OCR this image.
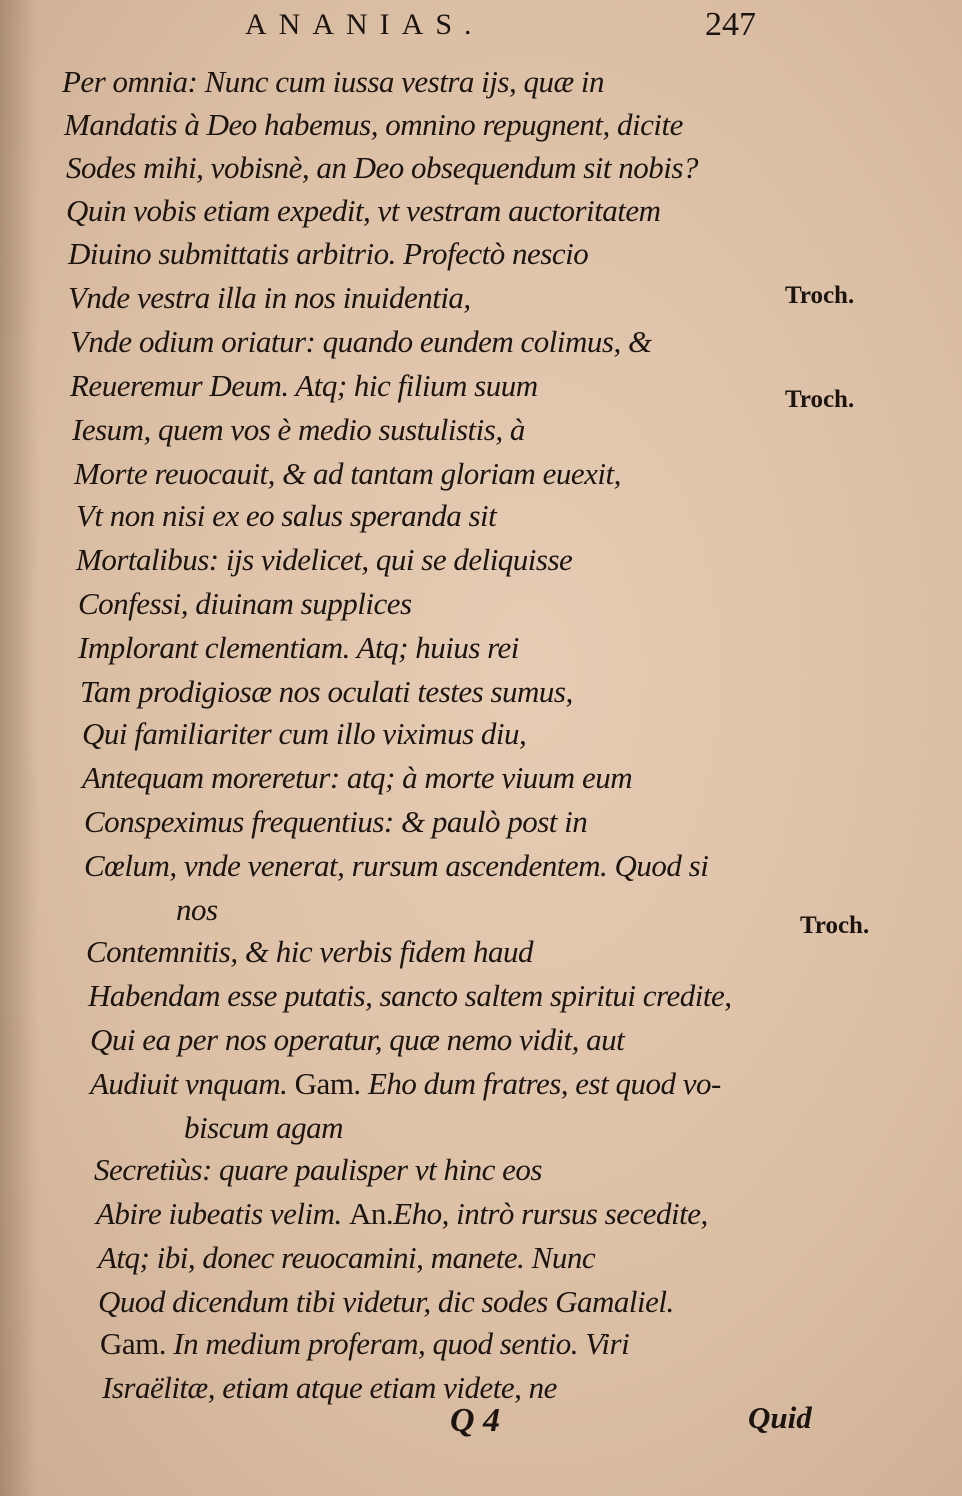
ANANIAS.	247
Per omnia: Nunc cum iussa vestra ijs, quæ in
Mandatis à Deo habemus, omnino repugnent, dicite
Sodes mihi, vobisnè, an Deo obsequendum sit nobis?
Quin vobis etiam expedit, vt vestram auctoritatem
Diuino submittatis arbitrio. Profectò nescio
Vnde vestra illa in nos inuidentia,
Vnde odium oriatur: quando eundem colimus, &
Reueremur Deum. Atq; hic filium suum
Iesum, quem vos è medio sustulistis, à
Morte reuocauit, & ad tantam gloriam euexit,
Vt non nisi ex eo salus speranda sit
Mortalibus: ijs videlicet, qui se deliquisse
Confessi, diuinam supplices
Implorant clementiam. Atq; huius rei
Tam prodigiosæ nos oculati testes sumus,
Qui familiariter cum illo viximus diu,
Antequam moreretur: atq; à morte viuum eum
Conspeximus frequentius: & paulò post in
Cœlum, vnde venerat, rursum ascendentem. Quod si
nos
Contemnitis, & hic verbis fidem haud
Habendam esse putatis, sancto saltem spiritui credite,
Qui ea per nos operatur, quæ nemo vidit, aut
Audiuit vnquam. Gam. Eho dum fratres, est quod vo-
biscum agam
Secretiùs: quare paulisper vt hinc eos
Abire iubeatis velim. An.Eho, intrò rursus secedite,
Atq; ibi, donec reuocamini, manete. Nunc
Quod dicendum tibi videtur, dic sodes Gamaliel.
Gam. In medium proferam, quod sentio. Viri
Israëlitæ, etiam atque etiam videte, ne
Troch.
Troch.
Troch.
Q 4	Quid
